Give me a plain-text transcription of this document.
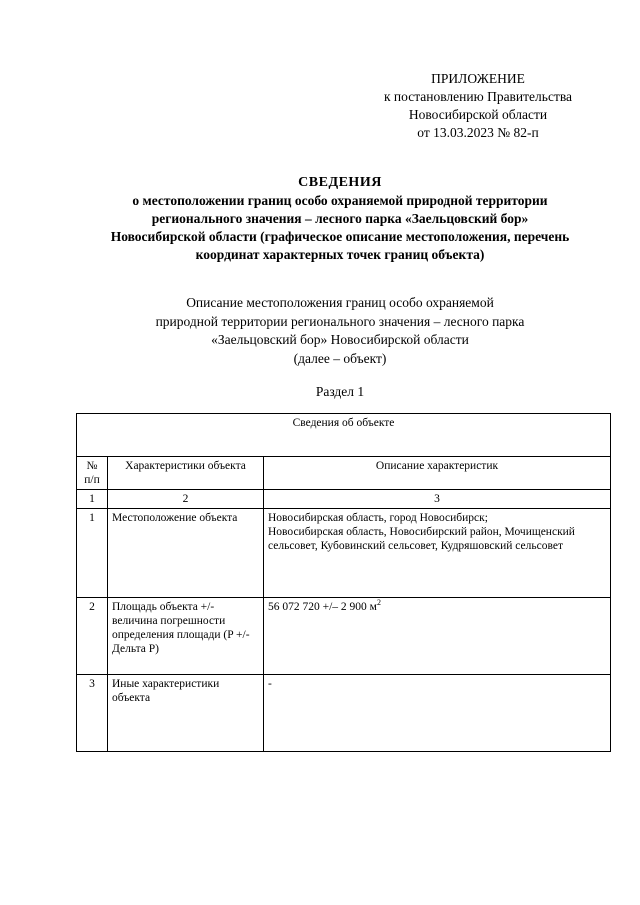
ПРИЛОЖЕНИЕ
к постановлению Правительства
Новосибирской области
от 13.03.2023 № 82-п
СВЕДЕНИЯ
о местоположении границ особо охраняемой природной территории
регионального значения – лесного парка «Заельцовский бор»
Новосибирской области (графическое описание местоположения, перечень
координат характерных точек границ объекта)
Описание местоположения границ особо охраняемой
природной территории регионального значения – лесного парка
«Заельцовский бор» Новосибирской области
(далее – объект)
Раздел 1
Сведения об объекте		
№ п/п	Характеристики объекта	Описание характеристик
1	2	3
1	Местоположение объекта	Новосибирская область, город Новосибирск;
Новосибирская область, Новосибирский район, Мочищенский сельсовет, Кубовинский сельсовет, Кудряшовский сельсовет

2	Площадь объекта +/- величина погрешности определения площади (P +/- Дельта P)	56 072 720 +/– 2 900 $м^2$
3	Иные характеристики объекта	-
